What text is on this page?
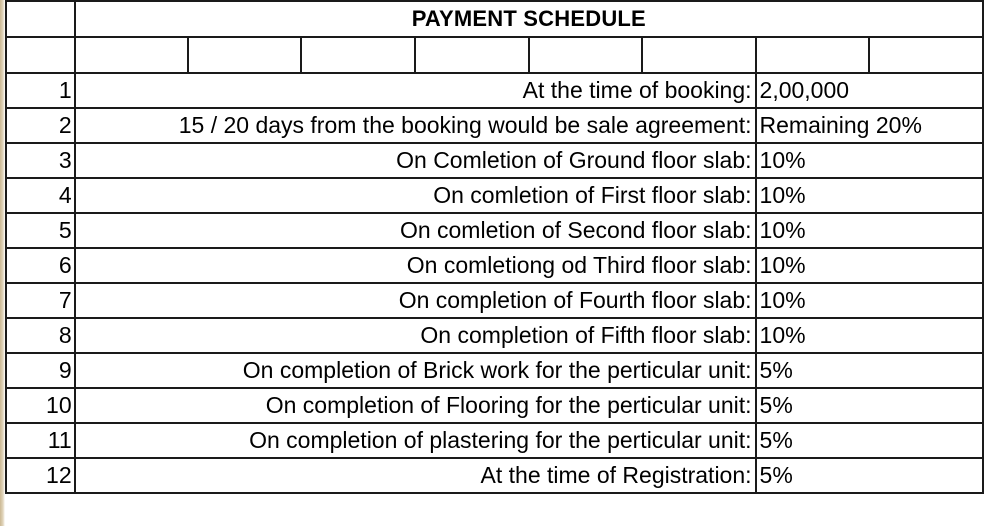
	PAYMENT SCHEDULE							

1	At the time of booking:						2,00,000	
2	15 / 20 days from the booking would be sale agreement:						Remaining 20%	
3	On Comletion of Ground floor slab:						10%	
4	On comletion of First floor slab:						10%	
5	On comletion of Second floor slab:						10%	
6	On comletiong od Third floor slab:						10%	
7	On completion of Fourth floor slab:						10%	
8	On completion of Fifth floor slab:						10%	
9	On completion of Brick work for the perticular unit:						5%	
10	On completion of Flooring for the perticular unit:						5%	
11	On completion of plastering for the perticular unit:						5%	
12	At the time of Registration:						5%	
